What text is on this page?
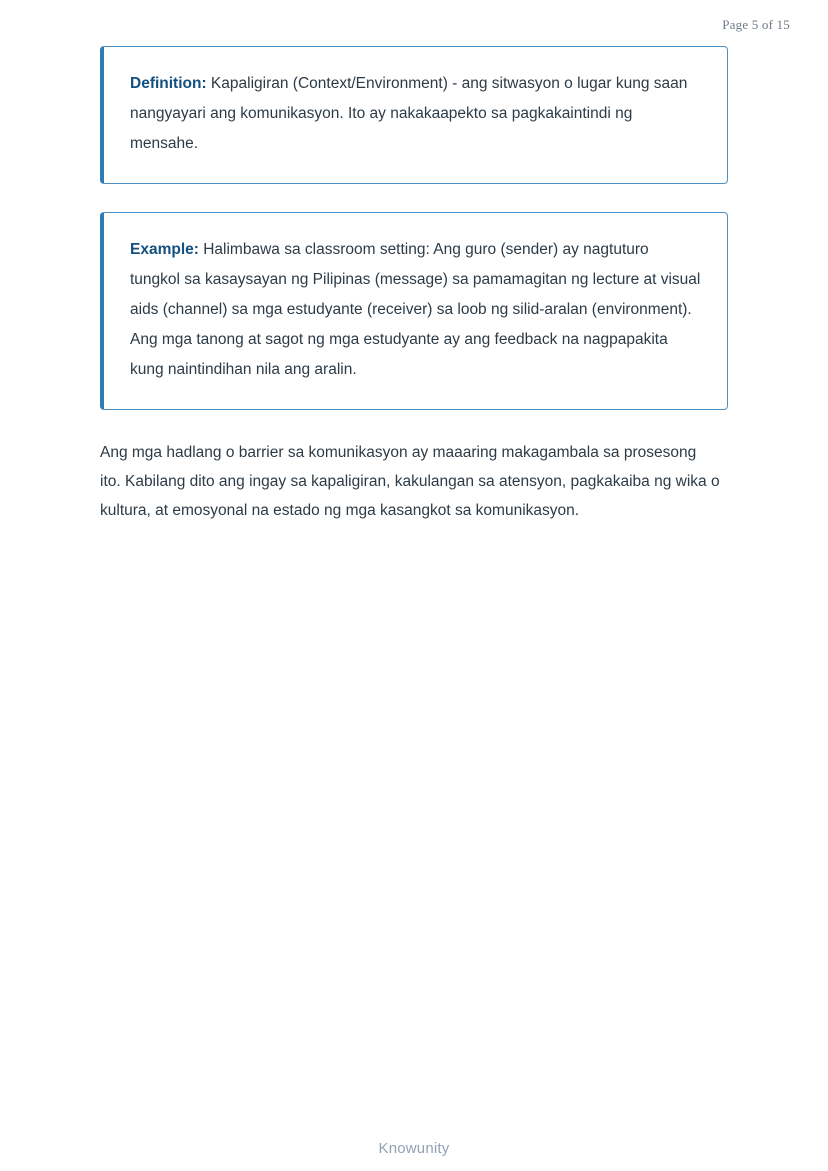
Page 5 of 15

Definition: Kapaligiran (Context/Environment) - ang sitwasyon o lugar kung saan nangyayari ang komunikasyon. Ito ay nakakaapekto sa pagkakaintindi ng mensahe.

Example: Halimbawa sa classroom setting: Ang guro (sender) ay nagtuturo tungkol sa kasaysayan ng Pilipinas (message) sa pamamagitan ng lecture at visual aids (channel) sa mga estudyante (receiver) sa loob ng silid-aralan (environment). Ang mga tanong at sagot ng mga estudyante ay ang feedback na nagpapakita kung naintindihan nila ang aralin.

Ang mga hadlang o barrier sa komunikasyon ay maaaring makagambala sa prosesong ito. Kabilang dito ang ingay sa kapaligiran, kakulangan sa atensyon, pagkakaiba ng wika o kultura, at emosyonal na estado ng mga kasangkot sa komunikasyon.

Knowunity
